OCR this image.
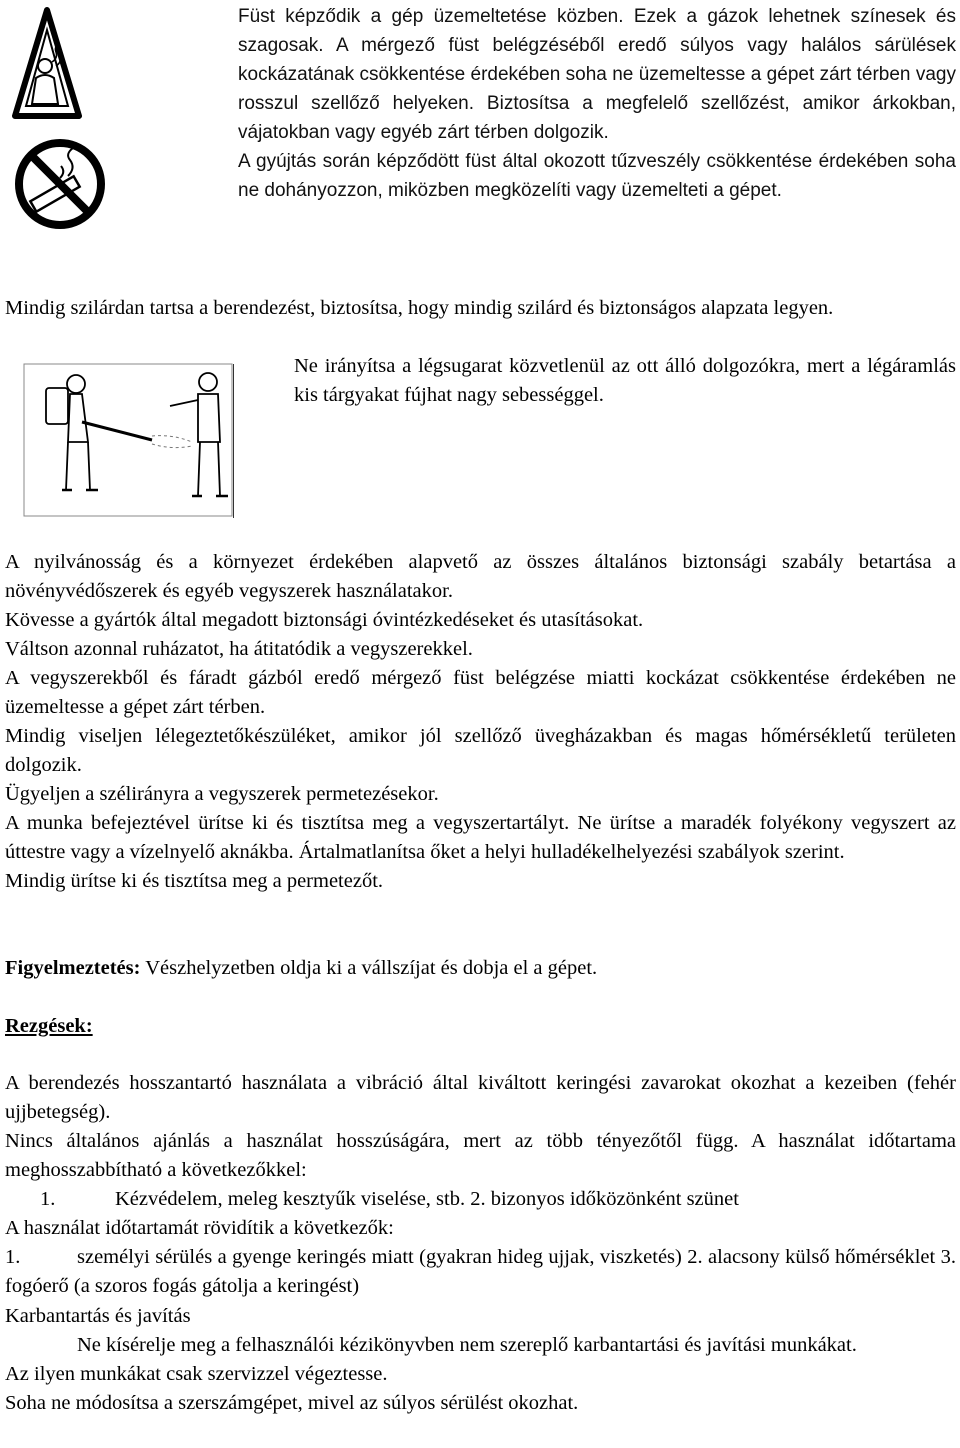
Füst képződik a gép üzemeltetése közben. Ezek a gázok lehetnek színesek és szagosak. A mérgező füst belégzéséből eredő súlyos vagy halálos sárülések kockázatának csökkentése érdekében soha ne üzemeltesse a gépet zárt térben vagy rosszul szellőző helyeken. Biztosítsa a megfelelő szellőzést, amikor árkokban, vájatokban vagy egyéb zárt térben dolgozik.

A gyújtás során képződött füst által okozott tűzveszély csökkentése érdekében soha ne dohányozzon, miközben megközelíti vagy üzemelteti a gépet.

Mindig szilárdan tartsa a berendezést, biztosítsa, hogy mindig szilárd és biztonságos alapzata legyen.

Ne irányítsa a légsugarat közvetlenül az ott álló dolgozókra, mert a légáramlás kis tárgyakat fújhat nagy sebességgel.

A nyilvánosság és a környezet érdekében alapvető az összes általános biztonsági szabály betartása a növényvédőszerek és egyéb vegyszerek használatakor.

Kövesse a gyártók által megadott biztonsági óvintézkedéseket és utasításokat.

Váltson azonnal ruházatot, ha átitatódik a vegyszerekkel.

A vegyszerekből és fáradt gázból eredő mérgező füst belégzése miatti kockázat csökkentése érdekében ne üzemeltesse a gépet zárt térben.

Mindig viseljen lélegeztetőkészüléket, amikor jól szellőző üvegházakban és magas hőmérsékletű területen dolgozik.

Ügyeljen a szélirányra a vegyszerek permetezésekor.

A munka befejeztével ürítse ki és tisztítsa meg a vegyszertartályt. Ne ürítse a maradék folyékony vegyszert az úttestre vagy a vízelnyelő aknákba. Ártalmatlanítsa őket a helyi hulladékelhelyezési szabályok szerint.

Mindig ürítse ki és tisztítsa meg a permetezőt.

Figyelmeztetés: Vészhelyzetben oldja ki a vállszíjat és dobja el a gépet.

Rezgések:

A berendezés hosszantartó használata a vibráció által kiváltott keringési zavarokat okozhat a kezeiben (fehér ujjbetegség).

Nincs általános ajánlás a használat hosszúságára, mert az több tényezőtől függ. A használat időtartama meghosszabbítható a következőkkel:

1.	Kézvédelem, meleg kesztyűk viselése, stb. 2. bizonyos időközönként szünet

A használat időtartamát rövidítik a következők:

1.	személyi sérülés a gyenge keringés miatt (gyakran hideg ujjak, viszketés) 2. alacsony külső hőmérséklet 3. fogóerő (a szoros fogás gátolja a keringést)

Karbantartás és javítás

Ne kísérelje meg a felhasználói kézikönyvben nem szereplő karbantartási és javítási munkákat.

Az ilyen munkákat csak szervizzel végeztesse.

Soha ne módosítsa a szerszámgépet, mivel az súlyos sérülést okozhat.
